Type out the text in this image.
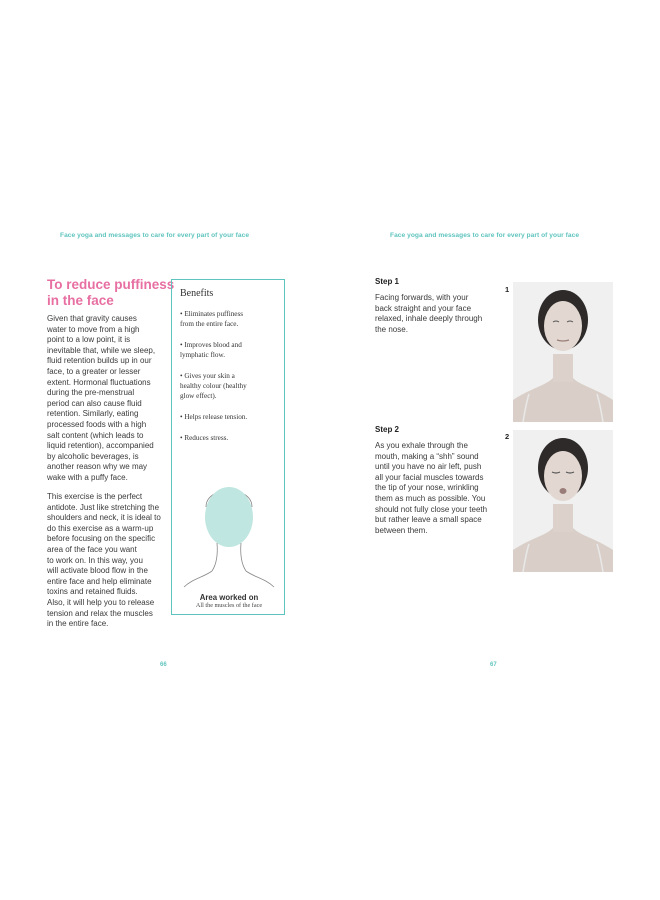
Face yoga and messages to care for every part of your face
To reduce puffiness in the face
Given that gravity causes
water to move from a high
point to a low point, it is
inevitable that, while we sleep,
fluid retention builds up in our
face, to a greater or lesser
extent. Hormonal fluctuations
during the pre-menstrual
period can also cause fluid
retention. Similarly, eating
processed foods with a high
salt content (which leads to
liquid retention), accompanied
by alcoholic beverages, is
another reason why we may
wake with a puffy face.
This exercise is the perfect
antidote. Just like stretching the
shoulders and neck, it is ideal to
do this exercise as a warm-up
before focusing on the specific
area of the face you want
to work on. In this way, you
will activate blood flow in the
entire face and help eliminate
toxins and retained fluids.
Also, it will help you to release
tension and relax the muscles
in the entire face.
Benefits
• Eliminates puffiness
from the entire face.
• Improves blood and
lymphatic flow.
• Gives your skin a
healthy colour (healthy
glow effect).
• Helps release tension.
• Reduces stress.
Area worked on
All the muscles of the face
66
Face yoga and messages to care for every part of your face
Step 1
Facing forwards, with your
back straight and your face
relaxed, inhale deeply through
the nose.
1
Step 2
As you exhale through the
mouth, making a “shh” sound
until you have no air left, push
all your facial muscles towards
the tip of your nose, wrinkling
them as much as possible. You
should not fully close your teeth
but rather leave a small space
between them.
2
67
